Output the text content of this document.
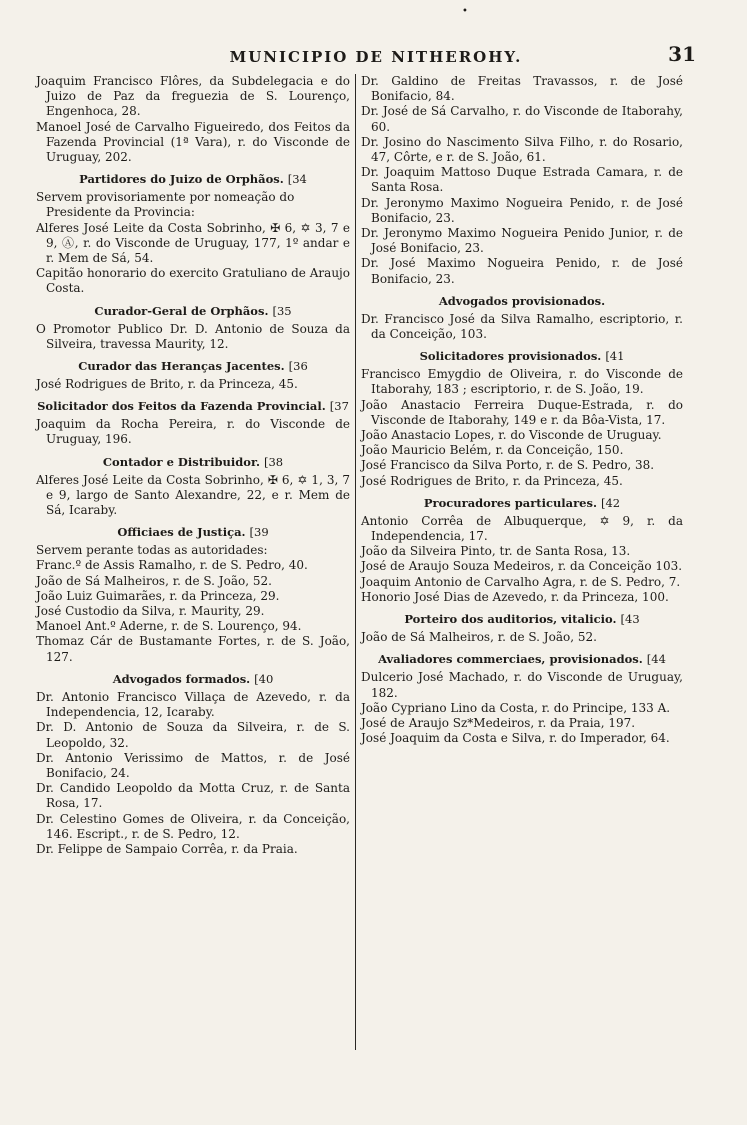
•
MUNICIPIO DE NITHEROHY.	31
Joaquim Francisco Flôres, da Subdelegacia e do Juizo de Paz da freguezia de S. Lourenço, Engenhoca, 28.
Manoel José de Carvalho Figueiredo, dos Feitos da Fazenda Provincial (1ª Vara), r. do Visconde de Uruguay, 202.
Partidores do Juizo de Orphãos. [34
Servem provisoriamente por nomeação do Presidente da Provincia:
Alferes José Leite da Costa Sobrinho, ✠ 6, ✡ 3, 7 e 9, Ⓐ, r. do Visconde de Uruguay, 177, 1º andar e r. Mem de Sá, 54.
Capitão honorario do exercito Gratuliano de Araujo Costa.
Curador-Geral de Orphãos. [35
O Promotor Publico Dr. D. Antonio de Souza da Silveira, travessa Maurity, 12.
Curador das Heranças Jacentes. [36
José Rodrigues de Brito, r. da Princeza, 45.
Solicitador dos Feitos da Fazenda Provincial. [37
Joaquim da Rocha Pereira, r. do Visconde de Uruguay, 196.
Contador e Distribuidor. [38
Alferes José Leite da Costa Sobrinho, ✠ 6, ✡ 1, 3, 7 e 9, largo de Santo Alexandre, 22, e r. Mem de Sá, Icaraby.
Officiaes de Justiça. [39
Servem perante todas as autoridades:
Franc.º de Assis Ramalho, r. de S. Pedro, 40.
João de Sá Malheiros, r. de S. João, 52.
João Luiz Guimarães, r. da Princeza, 29.
José Custodio da Silva, r. Maurity, 29.
Manoel Ant.º Aderne, r. de S. Lourenço, 94.
Thomaz Cár de Bustamante Fortes, r. de S. João, 127.
Advogados formados. [40
Dr. Antonio Francisco Villaça de Azevedo, r. da Independencia, 12, Icaraby.
Dr. D. Antonio de Souza da Silveira, r. de S. Leopoldo, 32.
Dr. Antonio Verissimo de Mattos, r. de José Bonifacio, 24.
Dr. Candido Leopoldo da Motta Cruz, r. de Santa Rosa, 17.
Dr. Celestino Gomes de Oliveira, r. da Conceição, 146. Escript., r. de S. Pedro, 12.
Dr. Felippe de Sampaio Corrêa, r. da Praia.
Dr. Galdino de Freitas Travassos, r. de José Bonifacio, 84.
Dr. José de Sá Carvalho, r. do Visconde de Itaborahy, 60.
Dr. Josino do Nascimento Silva Filho, r. do Rosario, 47, Côrte, e r. de S. João, 61.
Dr. Joaquim Mattoso Duque Estrada Camara, r. de Santa Rosa.
Dr. Jeronymo Maximo Nogueira Penido, r. de José Bonifacio, 23.
Dr. Jeronymo Maximo Nogueira Penido Junior, r. de José Bonifacio, 23.
Dr. José Maximo Nogueira Penido, r. de José Bonifacio, 23.
Advogados provisionados.
Dr. Francisco José da Silva Ramalho, escriptorio, r. da Conceição, 103.
Solicitadores provisionados. [41
Francisco Emygdio de Oliveira, r. do Visconde de Itaborahy, 183 ; escriptorio, r. de S. João, 19.
João Anastacio Ferreira Duque-Estrada, r. do Visconde de Itaborahy, 149 e r. da Bôa-Vista, 17.
João Anastacio Lopes, r. do Visconde de Uruguay.
João Mauricio Belém, r. da Conceição, 150.
José Francisco da Silva Porto, r. de S. Pedro, 38.
José Rodrigues de Brito, r. da Princeza, 45.
Procuradores particulares. [42
Antonio Corrêa de Albuquerque, ✡ 9, r. da Independencia, 17.
João da Silveira Pinto, tr. de Santa Rosa, 13.
José de Araujo Souza Medeiros, r. da Conceição 103.
Joaquim Antonio de Carvalho Agra, r. de S. Pedro, 7.
Honorio José Dias de Azevedo, r. da Princeza, 100.
Porteiro dos auditorios, vitalicio. [43
João de Sá Malheiros, r. de S. João, 52.
Avaliadores commerciaes, provisionados. [44
Dulcerio José Machado, r. do Visconde de Uruguay, 182.
João Cypriano Lino da Costa, r. do Principe, 133 A.
José de Araujo Sz*Medeiros, r. da Praia, 197.
José Joaquim da Costa e Silva, r. do Imperador, 64.
